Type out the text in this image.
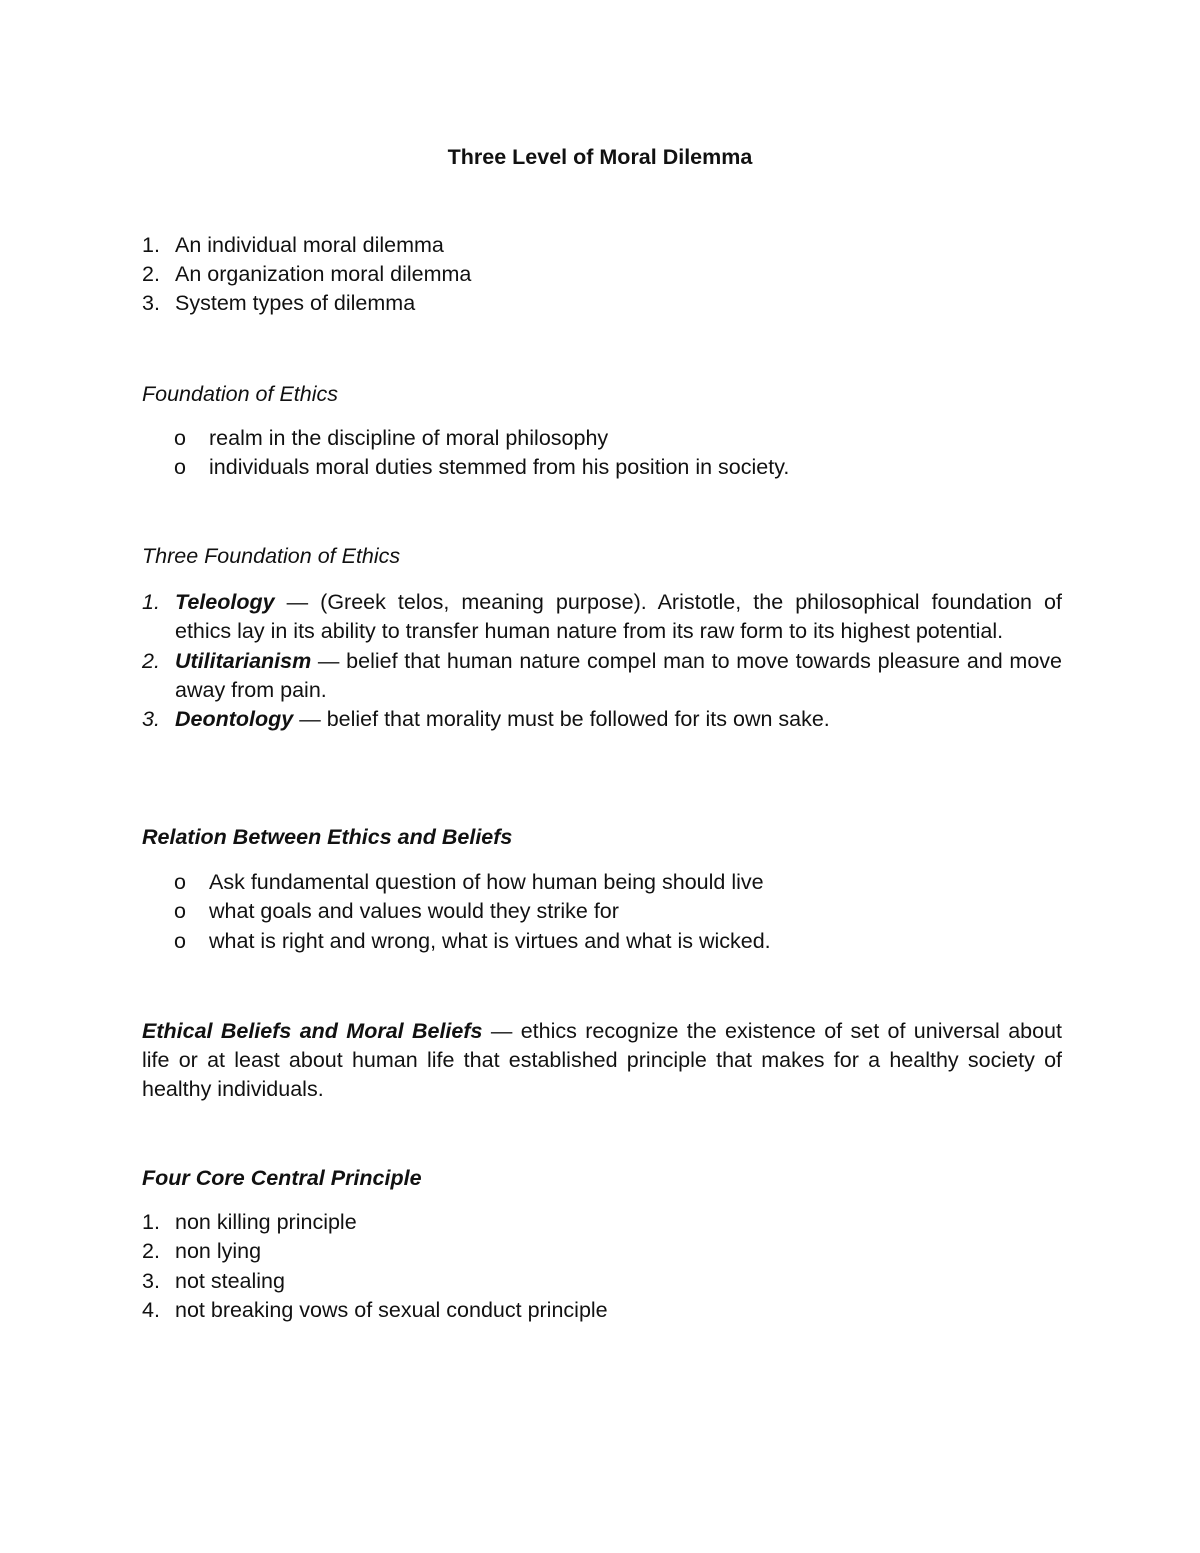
Three Level of Moral Dilemma
1. An individual moral dilemma
2. An organization moral dilemma
3. System types of dilemma
Foundation of Ethics
o realm in the discipline of moral philosophy
o individuals moral duties stemmed from his position in society.
Three Foundation of Ethics
1. Teleology — (Greek telos, meaning purpose). Aristotle, the philosophical foundation of ethics lay in its ability to transfer human nature from its raw form to its highest potential.
2. Utilitarianism — belief that human nature compel man to move towards pleasure and move away from pain.
3. Deontology — belief that morality must be followed for its own sake.
Relation Between Ethics and Beliefs
o Ask fundamental question of how human being should live
o what goals and values would they strike for
o what is right and wrong, what is virtues and what is wicked.
Ethical Beliefs and Moral Beliefs — ethics recognize the existence of set of universal about life or at least about human life that established principle that makes for a healthy society of healthy individuals.
Four Core Central Principle
1. non killing principle
2. non lying
3. not stealing
4. not breaking vows of sexual conduct principle
